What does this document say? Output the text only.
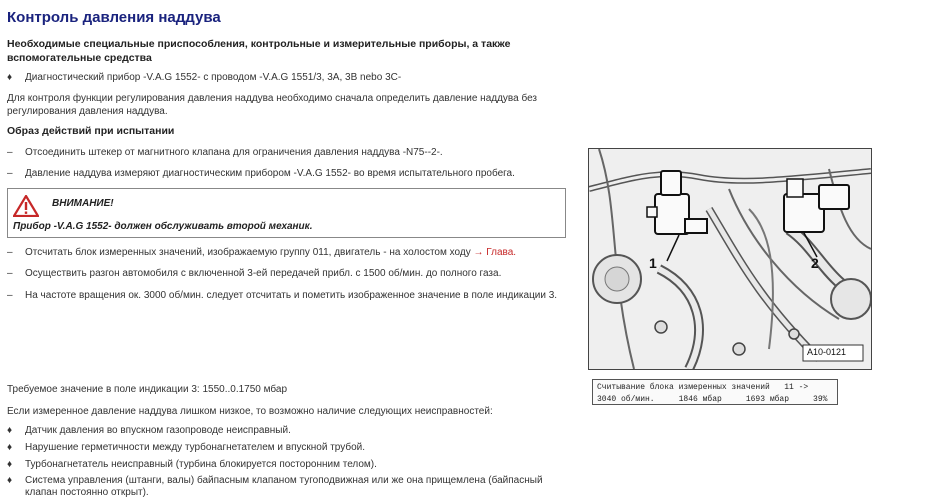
Контроль давления наддува
Необходимые специальные приспособления, контрольные и измерительные приборы, а также вспомогательные средства
♦ Диагностический прибор -V.A.G 1552- с проводом -V.A.G 1551/3, 3A, 3B nebo 3C-
Для контроля функции регулирования давления наддува необходимо сначала определить давление наддува без регулирования давления наддува.
Образ действий при испытании
– Отсоединить штекер от магнитного клапана для ограничения давления наддува -N75--2-.
– Давление наддува измеряют диагностическим прибором -V.A.G 1552- во время испытательного пробега.
ВНИМАНИЕ!
Прибор -V.A.G 1552- должен обслуживать второй механик.
– Отсчитать блок измеренных значений, изображаемую группу 011, двигатель - на холостом ходу → Глава.
– Осуществить разгон автомобиля с включенной 3-ей передачей прибл. с 1500 об/мин. до полного газа.
– На частоте вращения ок. 3000 об/мин. следует отсчитать и пометить изображенное значение в поле индикации 3.
1	2
A10-0121
Требуемое значение в поле индикации 3: 1550..0.1750 мбар	Считывание блока измеренных значений   11 ->
3040 об/мин.     1846 мбар     1693 мбар     39%
Если измеренное давление наддува лишком низкое, то возможно наличие следующих неисправностей:
♦ Датчик давления во впускном газопроводе неисправный.
♦ Нарушение герметичности между турбонагнетателем и впускной трубой.
♦ Турбонагнетатель неисправный (турбина блокируется посторонним телом).
♦	Система управления (штанги, валы) байпасным клапаном тугоподвижная или же она прищемлена (байпасный клапан постоянно открыт).
